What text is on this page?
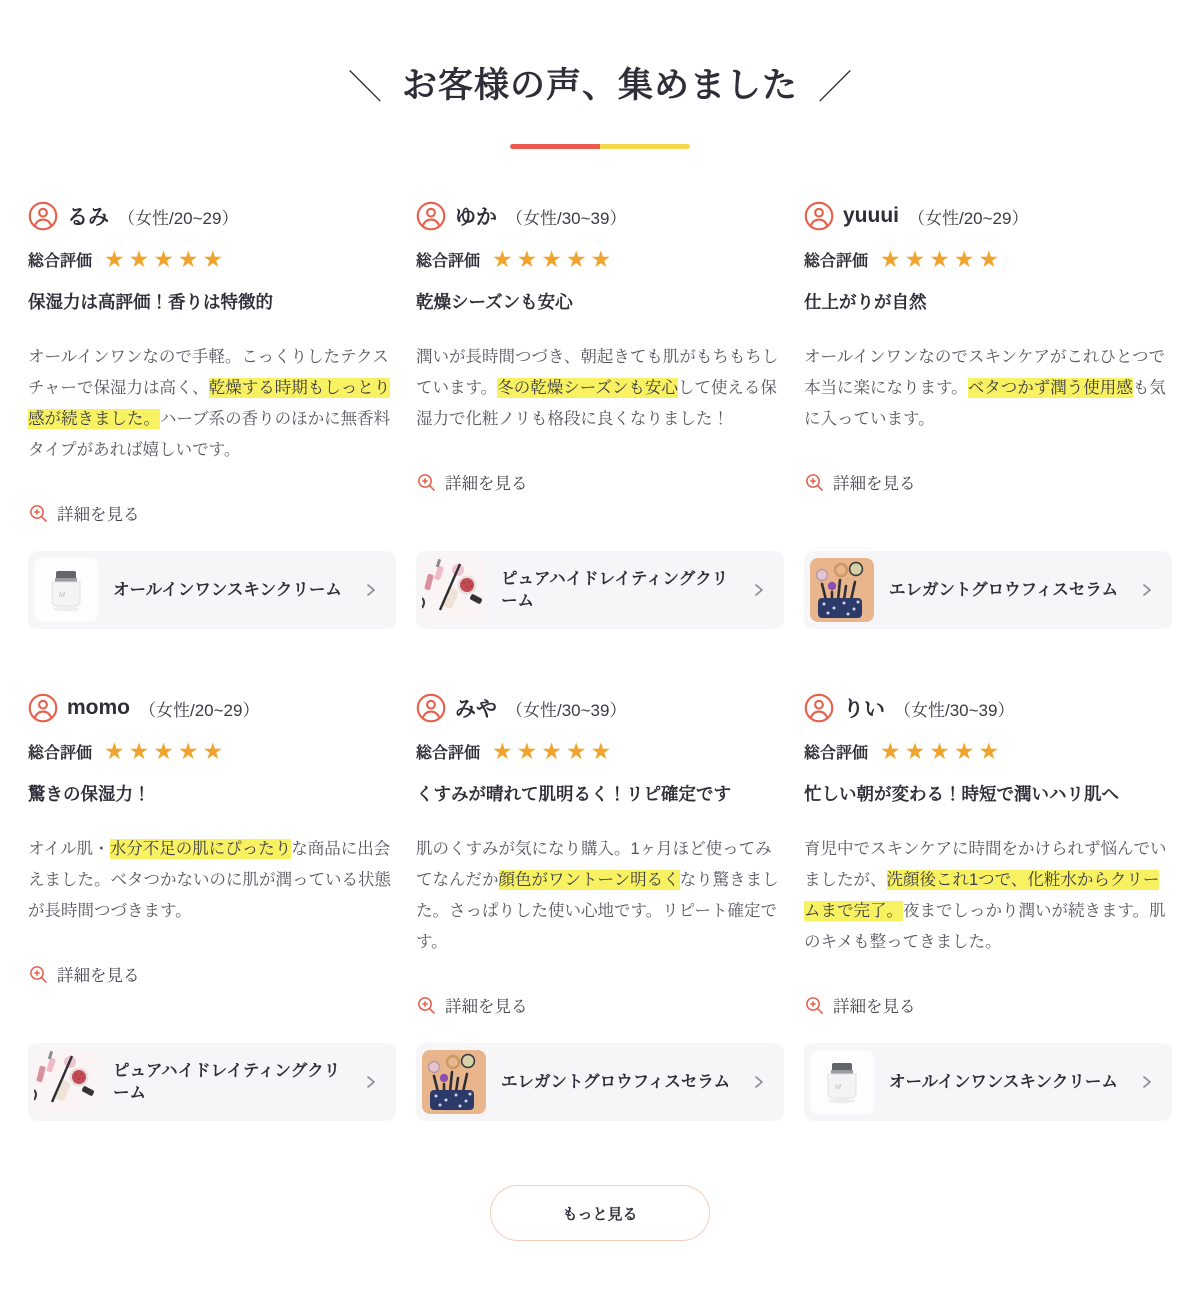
＼ お客様の声、集めました ／
るみ （女性/20~29）
総合評価 ★★★★★
保湿力は高評価！香りは特徴的

オールインワンなので手軽。こっくりしたテクスチャーで保湿力は高く、乾燥する時期もしっとり感が続きました。ハーブ系の香りのほかに無香料タイプがあれば嬉しいです。

詳細を見る
M	オールインワンスキンクリーム
ゆか （女性/30~39）
総合評価 ★★★★★
乾燥シーズンも安心

潤いが長時間つづき、朝起きても肌がもちもちしています。冬の乾燥シーズンも安心して使える保湿力で化粧ノリも格段に良くなりました！

詳細を見る
ピュアハイドレイティングクリーム
yuuui （女性/20~29）
総合評価 ★★★★★
仕上がりが自然

オールインワンなのでスキンケアがこれひとつで本当に楽になります。ベタつかず潤う使用感も気に入っています。

詳細を見る
エレガントグロウフィスセラム
momo （女性/20~29）
総合評価 ★★★★★
驚きの保湿力！

オイル肌・水分不足の肌にぴったりな商品に出会えました。ベタつかないのに肌が潤っている状態が長時間つづきます。

詳細を見る
ピュアハイドレイティングクリーム
みや （女性/30~39）
総合評価 ★★★★★
くすみが晴れて肌明るく！リピ確定です

肌のくすみが気になり購入。1ヶ月ほど使ってみてなんだか顔色がワントーン明るくなり驚きました。さっぱりした使い心地です。リピート確定です。

詳細を見る
エレガントグロウフィスセラム
りい （女性/30~39）
総合評価 ★★★★★
忙しい朝が変わる！時短で潤いハリ肌へ

育児中でスキンケアに時間をかけられず悩んでいましたが、洗顔後これ1つで、化粧水からクリームまで完了。夜までしっかり潤いが続きます。肌のキメも整ってきました。

詳細を見る
M	オールインワンスキンクリーム
もっと見る
